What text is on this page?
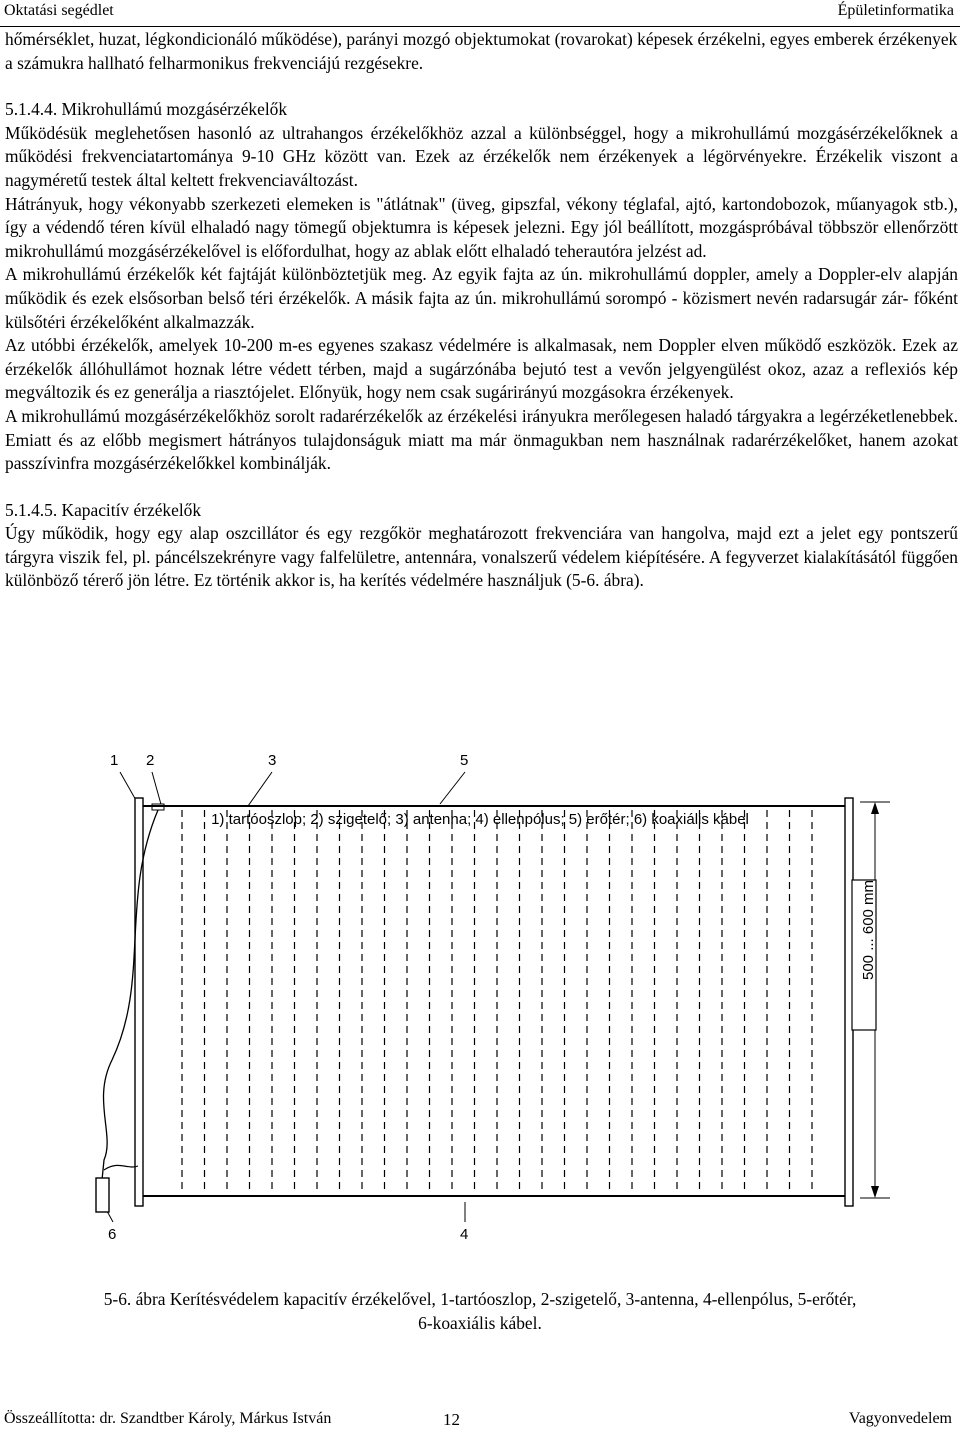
Oktatási segédlet	Épületinformatika

hőmérséklet, huzat, légkondicionáló működése), parányi mozgó objektumokat (rovarokat) képesek érzékelni, egyes emberek érzékenyek a számukra hallható felharmonikus frekvenciájú rezgésekre.

5.1.4.4. Mikrohullámú mozgásérzékelők

Működésük meglehetősen hasonló az ultrahangos érzékelőkhöz azzal a különbséggel, hogy a mikrohullámú mozgásérzékelőknek a működési frekvenciatartománya 9-10 GHz között van. Ezek az érzékelők nem érzékenyek a légörvényekre. Érzékelik viszont a nagyméretű testek által keltett frekvenciaváltozást.

Hátrányuk, hogy vékonyabb szerkezeti elemeken is "átlátnak" (üveg, gipszfal, vékony téglafal, ajtó, kartondobozok, műanyagok stb.), így a védendő téren kívül elhaladó nagy tömegű objektumra is képesek jelezni. Egy jól beállított, mozgáspróbával többször ellenőrzött mikrohullámú mozgásérzékelővel is előfordulhat, hogy az ablak előtt elhaladó teherautóra jelzést ad.

A mikrohullámú érzékelők két fajtáját különböztetjük meg. Az egyik fajta az ún. mikrohullámú doppler, amely a Doppler-elv alapján működik és ezek elsősorban belső téri érzékelők. A másik fajta az ún. mikrohullámú sorompó - közismert nevén radarsugár zár- főként külsőtéri érzékelőként alkalmazzák.

Az utóbbi érzékelők, amelyek 10-200 m-es egyenes szakasz védelmére is alkalmasak, nem Doppler elven működő eszközök. Ezek az érzékelők állóhullámot hoznak létre védett térben, majd a sugárzónába bejutó test a vevőn jelgyengülést okoz, azaz a reflexiós kép megváltozik és ez generálja a riasztójelet. Előnyük, hogy nem csak sugárirányú mozgásokra érzékenyek.

A mikrohullámú mozgásérzékelőkhöz sorolt radarérzékelők az érzékelési irányukra merőlegesen haladó tárgyakra a legérzéketlenebbek. Emiatt és az előbb megismert hátrányos tulajdonságuk miatt ma már önmagukban nem használnak radarérzékelőket, hanem azokat passzívinfra mozgásérzékelőkkel kombinálják.

5.1.4.5. Kapacitív érzékelők

Úgy működik, hogy egy alap oszcillátor és egy rezgőkör meghatározott frekvenciára van hangolva, majd ezt a jelet egy pontszerű tárgyra viszik fel, pl. páncélszekrényre vagy falfelületre, antennára, vonalszerű védelem kiépítésére. A fegyverzet kialakításától függően különböző térerő jön létre. Ez történik akkor is, ha kerítés védelmére használjuk (5-6. ábra).

1 2	3	5
6	4
500 ... 600 mm
1) tartóoszlop; 2) szigetelő; 3) antenna; 4) ellenpólus; 5) erőtér; 6) koaxiális kábel
5-6. ábra Kerítésvédelem kapacitív érzékelővel, 1-tartóoszlop, 2-szigetelő, 3-antenna, 4-ellenpólus, 5-erőtér,
6-koaxiális kábel.
Összeállította: dr. Szandtber Károly, Márkus István	12	Vagyonvedelem
